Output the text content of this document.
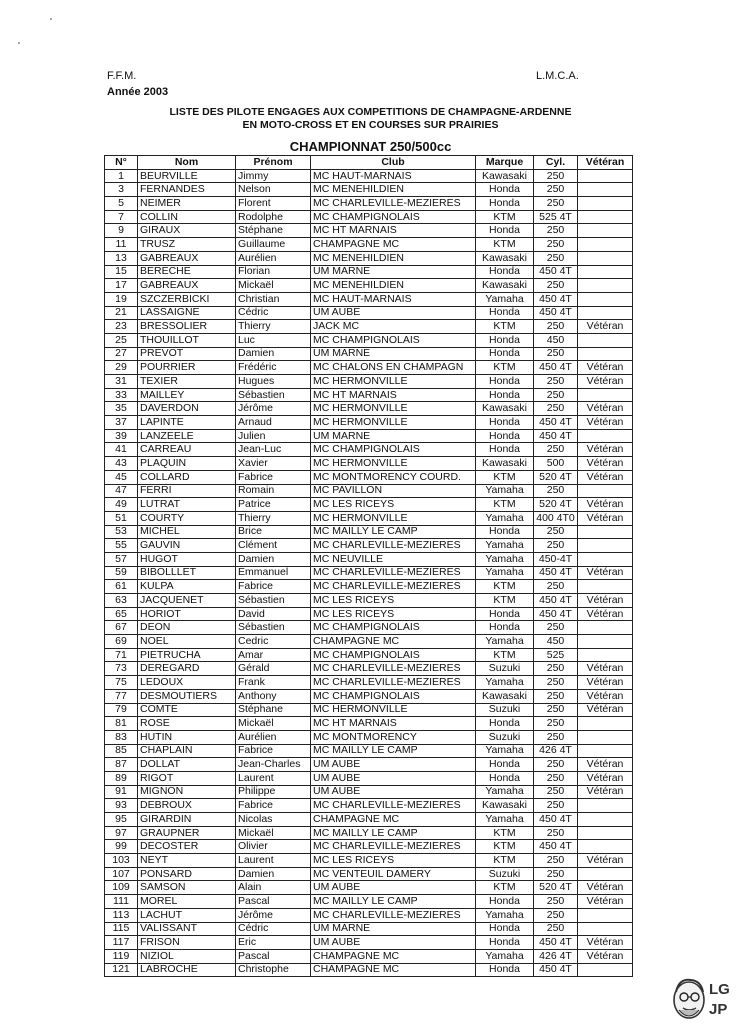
F.F.M.
Année 2003
L.M.C.A.
LISTE DES PILOTE ENGAGES AUX COMPETITIONS DE CHAMPAGNE-ARDENNE
EN MOTO-CROSS ET EN COURSES SUR PRAIRIES
CHAMPIONNAT 250/500cc
N°	Nom	Prénom	Club	Marque	Cyl.	Vétéran
1	BEURVILLE	Jimmy	MC HAUT-MARNAIS	Kawasaki	250	
3	FERNANDES	Nelson	MC MENEHILDIEN	Honda	250	
5	NEIMER	Florent	MC CHARLEVILLE-MEZIERES	Honda	250	
7	COLLIN	Rodolphe	MC CHAMPIGNOLAIS	KTM	525 4T	
9	GIRAUX	Stéphane	MC HT MARNAIS	Honda	250	
11	TRUSZ	Guillaume	CHAMPAGNE MC	KTM	250	
13	GABREAUX	Aurélien	MC MENEHILDIEN	Kawasaki	250	
15	BERECHE	Florian	UM MARNE	Honda	450 4T	
17	GABREAUX	Mickaël	MC MENEHILDIEN	Kawasaki	250	
19	SZCZERBICKI	Christian	MC HAUT-MARNAIS	Yamaha	450 4T	
21	LASSAIGNE	Cédric	UM AUBE	Honda	450 4T	
23	BRESSOLIER	Thierry	JACK MC	KTM	250	Vétéran
25	THOUILLOT	Luc	MC CHAMPIGNOLAIS	Honda	450	
27	PREVOT	Damien	UM MARNE	Honda	250	
29	POURRIER	Frédéric	MC CHALONS EN CHAMPAGN	KTM	450 4T	Vétéran
31	TEXIER	Hugues	MC HERMONVILLE	Honda	250	Vétéran
33	MAILLEY	Sébastien	MC HT MARNAIS	Honda	250	
35	DAVERDON	Jérôme	MC HERMONVILLE	Kawasaki	250	Vétéran
37	LAPINTE	Arnaud	MC HERMONVILLE	Honda	450 4T	Vétéran
39	LANZEELE	Julien	UM MARNE	Honda	450 4T	
41	CARREAU	Jean-Luc	MC CHAMPIGNOLAIS	Honda	250	Vétéran
43	PLAQUIN	Xavier	MC HERMONVILLE	Kawasaki	500	Vétéran
45	COLLARD	Fabrice	MC MONTMORENCY COURD.	KTM	520 4T	Vétéran
47	FERRI	Romain	MC PAVILLON	Yamaha	250	
49	LUTRAT	Patrice	MC LES RICEYS	KTM	520 4T	Vétéran
51	COURTY	Thierry	MC HERMONVILLE	Yamaha	400 4T0	Vétéran
53	MICHEL	Brice	MC MAILLY LE CAMP	Honda	250	
55	GAUVIN	Clément	MC CHARLEVILLE-MEZIERES	Yamaha	250	
57	HUGOT	Damien	MC NEUVILLE	Yamaha	450-4T	
59	BIBOLLLET	Emmanuel	MC CHARLEVILLE-MEZIERES	Yamaha	450 4T	Vétéran
61	KULPA	Fabrice	MC CHARLEVILLE-MEZIERES	KTM	250	
63	JACQUENET	Sébastien	MC LES RICEYS	KTM	450 4T	Vétéran
65	HORIOT	David	MC LES RICEYS	Honda	450 4T	Vétéran
67	DEON	Sébastien	MC CHAMPIGNOLAIS	Honda	250	
69	NOEL	Cedric	CHAMPAGNE MC	Yamaha	450	
71	PIETRUCHA	Amar	MC CHAMPIGNOLAIS	KTM	525	
73	DEREGARD	Gérald	MC CHARLEVILLE-MEZIERES	Suzuki	250	Vétéran
75	LEDOUX	Frank	MC CHARLEVILLE-MEZIERES	Yamaha	250	Vétéran
77	DESMOUTIERS	Anthony	MC CHAMPIGNOLAIS	Kawasaki	250	Vétéran
79	COMTE	Stéphane	MC HERMONVILLE	Suzuki	250	Vétéran
81	ROSE	Mickaël	MC HT MARNAIS	Honda	250	
83	HUTIN	Aurélien	MC MONTMORENCY	Suzuki	250	
85	CHAPLAIN	Fabrice	MC MAILLY LE CAMP	Yamaha	426 4T	
87	DOLLAT	Jean-Charles	UM AUBE	Honda	250	Vétéran
89	RIGOT	Laurent	UM AUBE	Honda	250	Vétéran
91	MIGNON	Philippe	UM AUBE	Yamaha	250	Vétéran
93	DEBROUX	Fabrice	MC CHARLEVILLE-MEZIERES	Kawasaki	250	
95	GIRARDIN	Nicolas	CHAMPAGNE MC	Yamaha	450 4T	
97	GRAUPNER	Mickaël	MC MAILLY LE CAMP	KTM	250	
99	DECOSTER	Olivier	MC CHARLEVILLE-MEZIERES	KTM	450 4T	
103	NEYT	Laurent	MC LES RICEYS	KTM	250	Vétéran
107	PONSARD	Damien	MC VENTEUIL DAMERY	Suzuki	250	
109	SAMSON	Alain	UM AUBE	KTM	520 4T	Vétéran
111	MOREL	Pascal	MC MAILLY LE CAMP	Honda	250	Vétéran
113	LACHUT	Jérôme	MC CHARLEVILLE-MEZIERES	Yamaha	250	
115	VALISSANT	Cédric	UM MARNE	Honda	250	
117	FRISON	Eric	UM AUBE	Honda	450 4T	Vétéran
119	NIZIOL	Pascal	CHAMPAGNE MC	Yamaha	426 4T	Vétéran
121	LABROCHE	Christophe	CHAMPAGNE MC	Honda	450 4T	
LG
JP
